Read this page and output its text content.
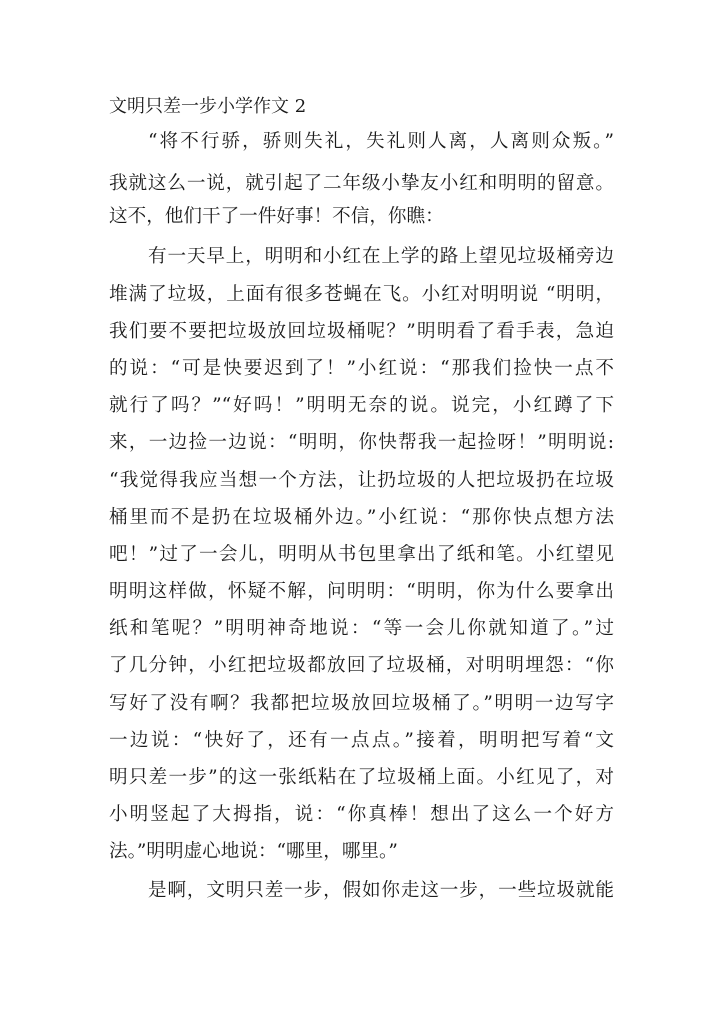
文明只差一步小学作文 2
“将不行骄，骄则失礼，失礼则人离，人离则众叛。”
我就这么一说，就引起了二年级小挚友小红和明明的留意。
这不，他们干了一件好事！不信，你瞧：
有一天早上，明明和小红在上学的路上望见垃圾桶旁边
堆满了垃圾，上面有很多苍蝇在飞。小红对明明说 “明明，
我们要不要把垃圾放回垃圾桶呢？”明明看了看手表，急迫
的说：“可是快要迟到了！”小红说：“那我们捡快一点不
就行了吗？”“好吗！”明明无奈的说。说完，小红蹲了下
来，一边捡一边说：“明明，你快帮我一起捡呀！”明明说:
“我觉得我应当想一个方法，让扔垃圾的人把垃圾扔在垃圾
桶里而不是扔在垃圾桶外边。”小红说：“那你快点想方法
吧！”过了一会儿，明明从书包里拿出了纸和笔。小红望见
明明这样做，怀疑不解，问明明：“明明，你为什么要拿出
纸和笔呢？”明明神奇地说：“等一会儿你就知道了。”过
了几分钟，小红把垃圾都放回了垃圾桶，对明明埋怨：“你
写好了没有啊？我都把垃圾放回垃圾桶了。”明明一边写字
一边说：“快好了，还有一点点。”接着，明明把写着“文
明只差一步”的这一张纸粘在了垃圾桶上面。小红见了，对
小明竖起了大拇指，说：“你真棒！想出了这么一个好方
法。”明明虚心地说：“哪里，哪里。”
是啊，文明只差一步，假如你走这一步，一些垃圾就能
